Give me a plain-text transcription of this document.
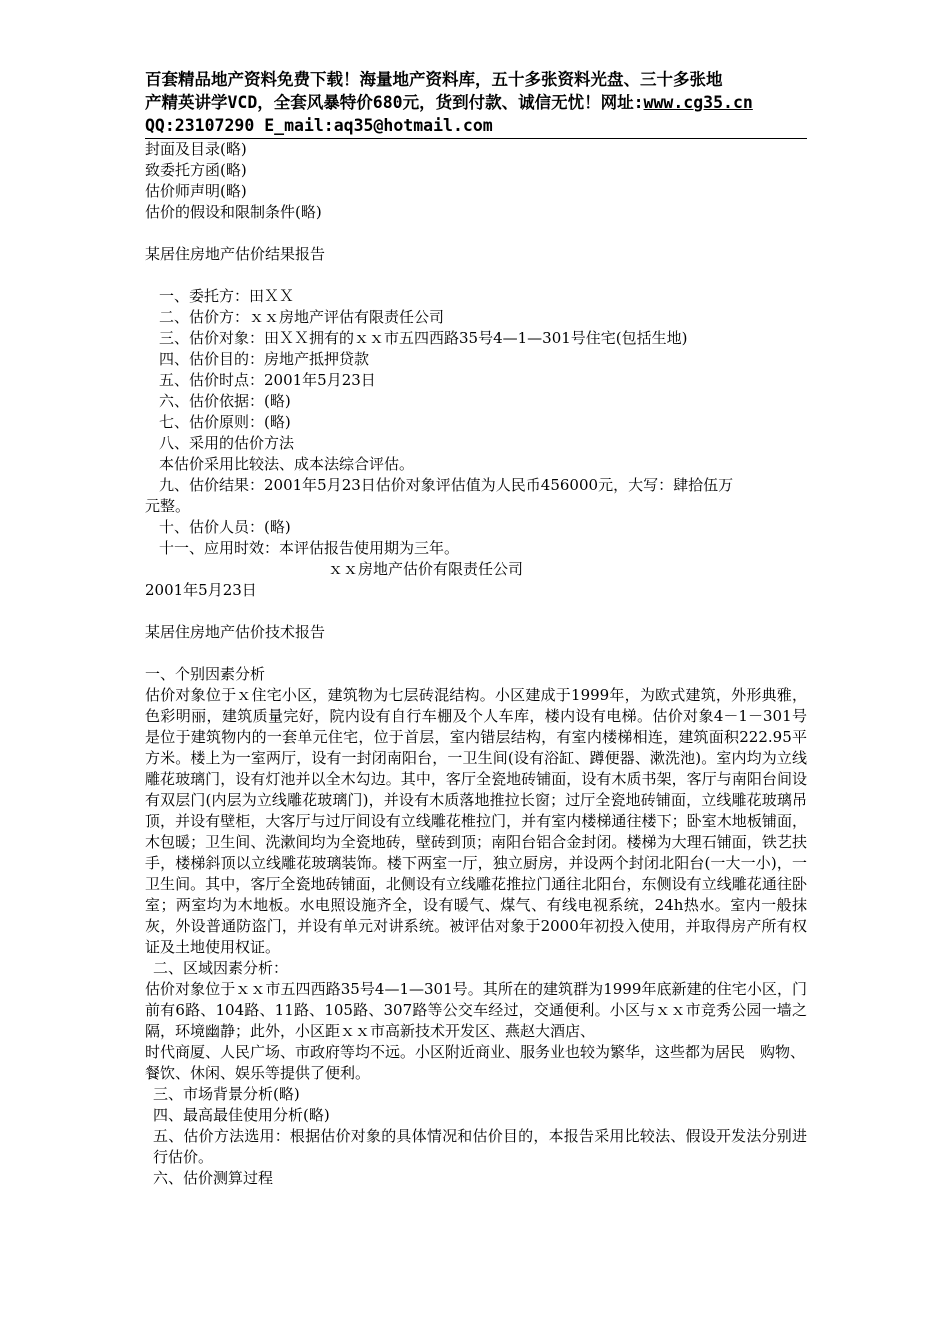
百套精品地产资料免费下载！海量地产资料库，五十多张资料光盘、三十多张地
产精英讲学VCD，全套风暴特价680元，货到付款、诚信无忧！网址:www.cg35.cn
QQ:23107290 E_mail:aq35@hotmail.com

封面及目录(略)

致委托方函(略)

估价师声明(略)

估价的假设和限制条件(略)

某居住房地产估价结果报告

一、委托方：田ＸＸ

二、估价方：ｘｘ房地产评估有限责任公司

三、估价对象：田ＸＸ拥有的ｘｘ市五四西路35号4—1—301号住宅(包括生地)

四、估价目的：房地产抵押贷款

五、估价时点：2001年5月23日

六、估价依据：(略)

七、估价原则：(略)

八、采用的估价方法

本估价采用比较法、成本法综合评估。

九、估价结果：2001年5月23日估价对象评估值为人民币456000元，大写：肆拾伍万

元整。

十、估价人员：(略)

十一、应用时效：本评估报告使用期为三年。

ｘｘ房地产估价有限责任公司

2001年5月23日

某居住房地产估价技术报告

一、个别因素分析

估价对象位于ｘ住宅小区，建筑物为七层砖混结构。小区建成于1999年，为欧式建筑，外形典雅，色彩明丽，建筑质量完好，院内设有自行车棚及个人车库，楼内设有电梯。估价对象4－1－301号是位于建筑物内的一套单元住宅，位于首层，室内错层结构，有室内楼梯相连，建筑面积222.95平方米。楼上为一室两厅，设有一封闭南阳台，一卫生间(设有浴缸、蹲便器、漱洗池)。室内均为立线雕花玻璃门，设有灯池并以全木勾边。其中，客厅全瓷地砖铺面，设有木质书架，客厅与南阳台间设有双层门(内层为立线雕花玻璃门)，并设有木质落地推拉长窗；过厅全瓷地砖铺面，立线雕花玻璃吊顶，并设有壁柜，大客厅与过厅间设有立线雕花椎拉门，并有室内楼梯通往楼下；卧室木地板铺面，木包暖；卫生间、洗漱间均为全瓷地砖，壁砖到顶；南阳台铝合金封闭。楼梯为大理石铺面，铁艺扶手，楼梯斜顶以立线雕花玻璃装饰。楼下两室一厅，独立厨房，并设两个封闭北阳台(一大一小)，一卫生间。其中，客厅全瓷地砖铺面，北侧设有立线雕花推拉门通往北阳台，东侧设有立线雕花通往卧室；两室均为木地板。水电照设施齐全，设有暖气、煤气、有线电视系统，24h热水。室内一般抹灰，外设普通防盗门，并设有单元对讲系统。被评估对象于2000年初投入使用，并取得房产所有权证及土地使用权证。

二、区域因素分析：

估价对象位于ｘｘ市五四西路35号4—1—301号。其所在的建筑群为1999年底新建的住宅小区，门前有6路、104路、11路、105路、307路等公交车经过，交通便利。小区与ｘｘ市竞秀公园一墙之隔，环境幽静；此外，小区距ｘｘ市高新技术开发区、燕赵大酒店、

时代商厦、人民广场、市政府等均不远。小区附近商业、服务业也较为繁华，这些都为居民　购物、餐饮、休闲、娱乐等提供了便利。

三、市场背景分析(略)

四、最高最佳使用分析(略)

五、估价方法选用：根据估价对象的具体情况和估价目的，本报告采用比较法、假设开发法分别进行估价。

六、估价测算过程
